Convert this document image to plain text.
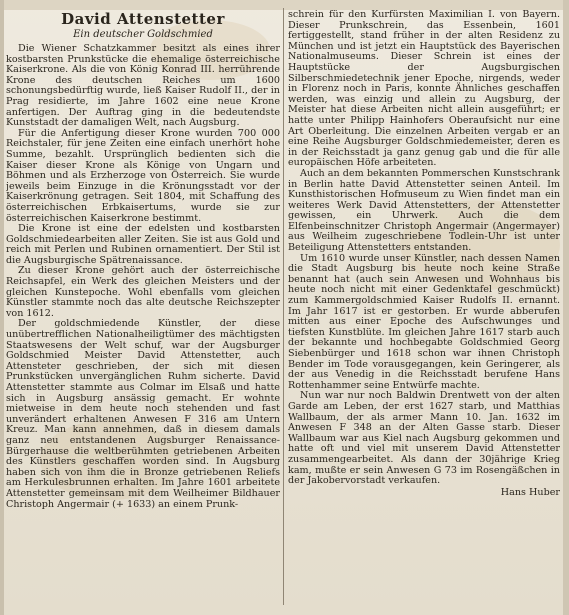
David Attenstetter
Ein deutscher Goldschmied

Die Wiener Schatzkammer besitzt als eines ihrer kostbarsten Prunkstücke die ehemalige österreichische Kaiserkrone. Als die von König Konrad III. herrührende Krone des deutschen Reiches um 1600 schonungsbedürftig wurde, ließ Kaiser Rudolf II., der in Prag residierte, im Jahre 1602 eine neue Krone anfertigen. Der Auftrag ging in die bedeutendste Kunststadt der damaligen Welt, nach Augsburg.

Für die Anfertigung dieser Krone wurden 700 000 Reichstaler, für jene Zeiten eine einfach unerhört hohe Summe, bezahlt. Ursprünglich bedienten sich die Kaiser dieser Krone als Könige von Ungarn und Böhmen und als Erzherzoge von Österreich. Sie wurde jeweils beim Einzuge in die Krönungsstadt vor der Kaiserkrönung getragen. Seit 1804, mit Schaffung des österreichischen Erbkaisertums, wurde sie zur österreichischen Kaiserkrone bestimmt.

Die Krone ist eine der edelsten und kostbarsten Goldschmiedearbeiten aller Zeiten. Sie ist aus Gold und reich mit Perlen und Rubinen ornamentiert. Der Stil ist die Augsburgische Spätrenaissance.

Zu dieser Krone gehört auch der österreichische Reichsapfel, ein Werk des gleichen Meisters und der gleichen Kunstepoche. Wohl ebenfalls vom gleichen Künstler stammte noch das alte deutsche Reichszepter von 1612.

Der goldschmiedende Künstler, der diese unübertrefflichen Nationalheiligtümer des mächtigsten Staatswesens der Welt schuf, war der Augsburger Goldschmied Meister David Attenstetter, auch Attensteter geschrieben, der sich mit diesen Prunkstücken unvergänglichen Ruhm sicherte. David Attenstetter stammte aus Colmar im Elsaß und hatte sich in Augsburg ansässig gemacht. Er wohnte mietweise in dem heute noch stehenden und fast unverändert erhaltenen Anwesen F 316 am Untern Kreuz. Man kann annehmen, daß in diesem damals ganz neu entstandenen Augsburger Renaissance-Bürgerhause die weltberühmten getriebenen Arbeiten des Künstlers geschaffen worden sind. In Augsburg haben sich von ihm die in Bronze getriebenen Reliefs am Herkulesbrunnen erhalten. Im Jahre 1601 arbeitete Attenstetter gemeinsam mit dem Weilheimer Bildhauer Christoph Angermair (+ 1633) an einem Prunk-

schrein für den Kurfürsten Maximilian I. von Bayern. Dieser Prunkschrein, das Essenbein, 1601 fertiggestellt, stand früher in der alten Residenz zu München und ist jetzt ein Hauptstück des Bayerischen Nationalmuseums. Dieser Schrein ist eines der Hauptstücke der Augsburgischen Silberschmiedetechnik jener Epoche, nirgends, weder in Florenz noch in Paris, konnte Ähnliches geschaffen werden, was einzig und allein zu Augsburg, der Meister hat diese Arbeiten nicht allein ausgeführt; er hatte unter Philipp Hainhofers Oberaufsicht nur eine Art Oberleitung. Die einzelnen Arbeiten vergab er an eine Reihe Augsburger Goldschmiedemeister, deren es in der Reichsstadt ja ganz genug gab und die für alle europäischen Höfe arbeiteten.

Auch an dem bekannten Pommerschen Kunstschrank in Berlin hatte David Attenstetter seinen Anteil. Im Kunsthistorischen Hofmuseum zu Wien findet man ein weiteres Werk David Attenstetters, der Attenstetter gewissen, ein Uhrwerk. Auch die dem Elfenbeinschnitzer Christoph Angermair (Angermayer) aus Weilheim zugeschriebene Todlein-Uhr ist unter Beteiligung Attenstetters entstanden.

Um 1610 wurde unser Künstler, nach dessen Namen die Stadt Augsburg bis heute noch keine Straße benannt hat (auch sein Anwesen und Wohnhaus bis heute noch nicht mit einer Gedenktafel geschmückt) zum Kammergoldschmied Kaiser Rudolfs II. ernannt. Im Jahr 1617 ist er gestorben. Er wurde abberufen mitten aus einer Epoche des Aufschwunges und tiefsten Kunstblüte. Im gleichen Jahre 1617 starb auch der bekannte und hochbegabte Goldschmied Georg Siebenbürger und 1618 schon war ihnen Christoph Bender im Tode vorausgegangen, kein Geringerer, als der aus Venedig in die Reichsstadt berufene Hans Rottenhammer seine Entwürfe machte.

Nun war nur noch Baldwin Drentwett von der alten Garde am Leben, der erst 1627 starb, und Matthias Wallbaum, der als armer Mann 10. Jan. 1632 im Anwesen F 348 an der Alten Gasse starb. Dieser Wallbaum war aus Kiel nach Augsburg gekommen und hatte oft und viel mit unserem David Attenstetter zusammengearbeitet. Als dann der 30jährige Krieg kam, mußte er sein Anwesen G 73 im Rosengäßchen in der Jakobervorstadt verkaufen.

Hans Huber
